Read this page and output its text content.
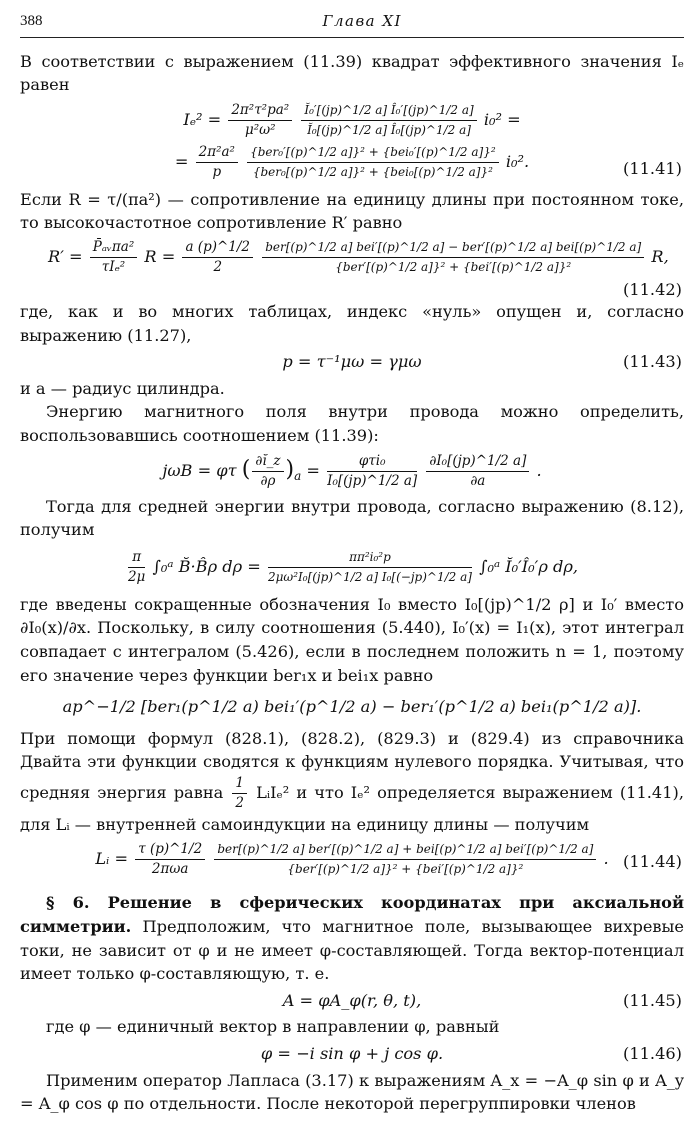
388	Глава XI

В соответствии с выражением (11.39) квадрат эффективного значения Iₑ равен

$I_e^2 = \frac{\text{2π²τ²pa²}}{\text{μ²ω²}}$
$\frac{\text{Ĭ₀′[(jp)\textasciicircum{}1/2 a] Î₀′[(jp)\textasciicircum{}1/2 a]}}{\text{Ĭ₀[(jp)\textasciicircum{}1/2 a] Î₀[(jp)\textasciicircum{}1/2 a]}} i_0^2$ =
= $\frac{\text{2π²a²}}{p}$
{ber₀′[(p)^1/2 a]}² + {bei₀′[(p)^1/2 a]}²
{ber₀[(p)^1/2 a]}² + {bei₀[(p)^1/2 a]}²
i₀².	(11.41)

Если R = τ/(πa²) — сопротивление на единицу длины при постоянном токе, то высокочастотное сопротивление R′ равно

R′ = P̄ₐᵥπa²
τIₑ²
$R = \frac{a (p)\^{}1/2}{2}$
ber[(p)^1/2 a] bei′[(p)^1/2 a] − ber′[(p)^1/2 a] bei[(p)^1/2 a]
{ber′[(p)^1/2 a]}² + {bei′[(p)^1/2 a]}²
R,
(11.42)

где, как и во многих таблицах, индекс «нуль» опущен и, согласно выражению (11.27),

p = τ⁻¹μω = γμω	(11.43)

и a — радиус цилиндра.

Энергию магнитного поля внутри провода можно определить, воспользовавшись соотношением (11.39):

jωB = φτ ( $\frac{\partial ĭ\_z}{\partial\rho} )_a$ =	φτi₀
I₀[(jp)^1/2 a]
$\frac{\text{∂I₀[(jp)\textasciicircum{}1/2 a]}}{\partial a}$ .

Тогда для средней энергии внутри провода, согласно выражению (8.12), получим

$\frac{\pi}{2\mu}$ ∫₀ᵃ B̆·B̂ρ $d\rho = \frac{\text{ππ²i₀²p}}{\text{2μω²I₀[(jp)\textasciicircum{}1/2 a] I₀[(−jp)\textasciicircum{}1/2 a]}}$ ∫₀ᵃ Ĭ₀′Î₀′ρ dρ,

где введены сокращенные обозначения I₀ вместо I₀[(jp)^1/2 ρ] и I₀′ вместо ∂I₀(x)/∂x. Поскольку, в силу соотношения (5.440), I₀′(x) = I₁(x), этот интеграл совпадает с интегралом (5.426), если в последнем положить n = 1, поэтому его значение через функции ber₁x и bei₁x равно

ap^−1/2 [ber₁(p^1/2 a) bei₁′(p^1/2 a) − ber₁′(p^1/2 a) bei₁(p^1/2 a)].

При помощи формул (828.1), (828.2), (829.3) и (829.4) из справочника Двайта эти функции сводятся к функциям нулевого порядка. Учитывая, что средняя энергия равна $\frac{1}{2}$ LᵢIₑ² и что Iₑ² определяется выражением (11.41), для Lᵢ — внутренней самоиндукции на единицу длины — получим

Lᵢ = τ (p)^1/2
2πωa

ber[(p)^1/2 a] ber′[(p)^1/2 a] + bei[(p)^1/2 a] bei′[(p)^1/2 a]
{ber′[(p)^1/2 a]}² + {bei′[(p)^1/2 a]}²
. (11.44)

§ 6. Решение в сферических координатах при аксиальной симметрии. Предположим, что магнитное поле, вызывающее вихревые токи, не зависит от φ и не имеет φ-составляющей. Тогда вектор-потенциал имеет только φ-составляющую, т. е.

A = φA_φ(r, θ, t),	(11.45)

где φ — единичный вектор в направлении φ, равный

φ = −i sin φ + j cos φ.	(11.46)

Применим оператор Лапласа (3.17) к выражениям A_x = −A_φ sin φ и A_y = A_φ cos φ по отдельности. После некоторой перегруппировки членов
